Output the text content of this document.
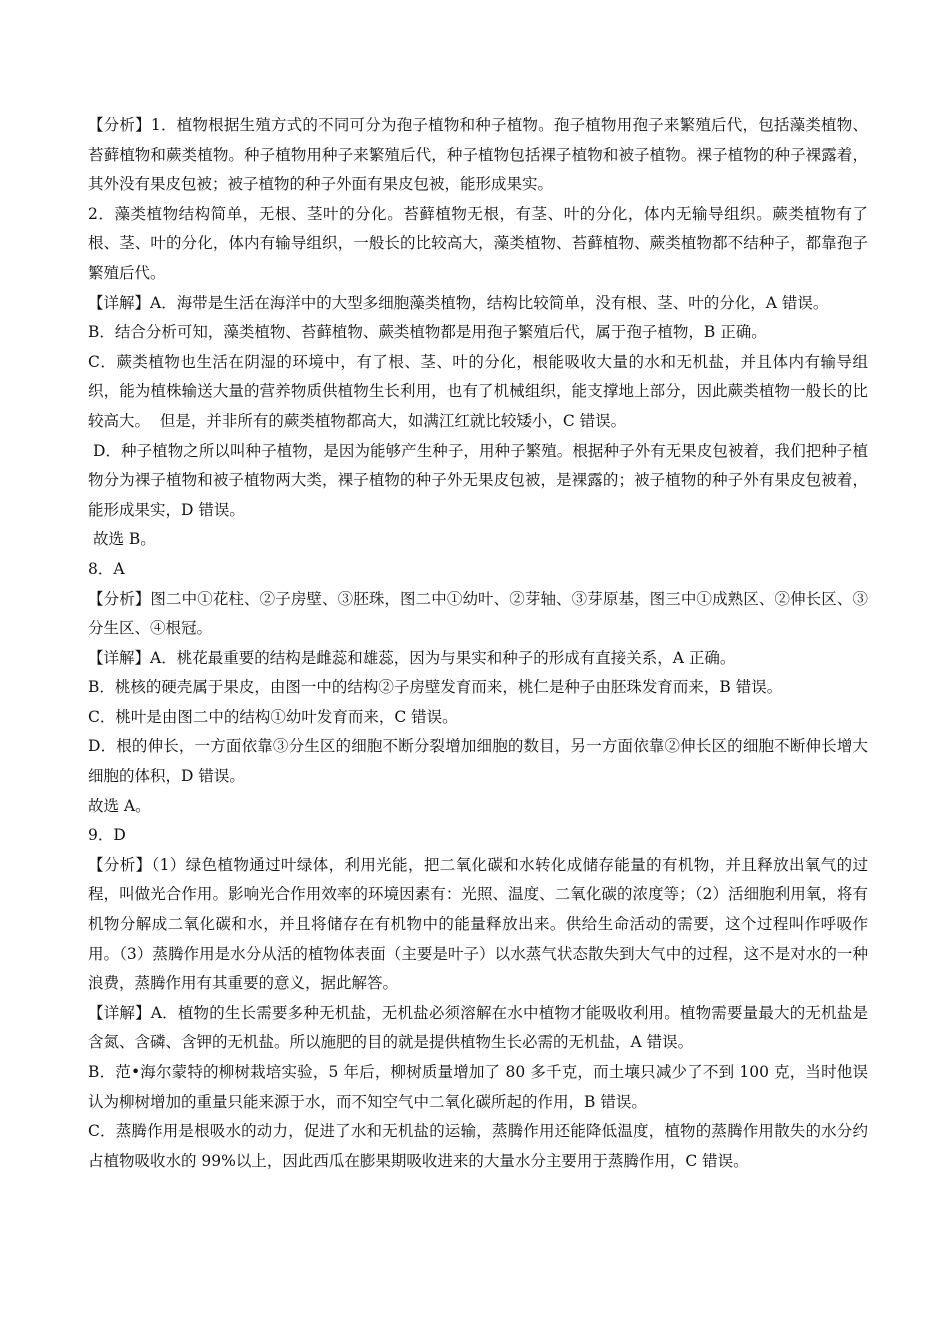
【分析】1．植物根据生殖方式的不同可分为孢子植物和种子植物。孢子植物用孢子来繁殖后代，包括藻类植物、苔藓植物和蕨类植物。种子植物用种子来繁殖后代，种子植物包括裸子植物和被子植物。裸子植物的种子裸露着，其外没有果皮包被；被子植物的种子外面有果皮包被，能形成果实。

2．藻类植物结构简单，无根、茎叶的分化。苔藓植物无根，有茎、叶的分化，体内无输导组织。蕨类植物有了根、茎、叶的分化，体内有输导组织，一般长的比较高大，藻类植物、苔藓植物、蕨类植物都不结种子，都靠孢子繁殖后代。

【详解】A．海带是生活在海洋中的大型多细胞藻类植物，结构比较简单，没有根、茎、叶的分化，A 错误。

B．结合分析可知，藻类植物、苔藓植物、蕨类植物都是用孢子繁殖后代，属于孢子植物，B 正确。

C．蕨类植物也生活在阴湿的环境中，有了根、茎、叶的分化，根能吸收大量的水和无机盐，并且体内有输导组织，能为植株输送大量的营养物质供植物生长利用，也有了机械组织，能支撑地上部分，因此蕨类植物一般长的比较高大。  但是，并非所有的蕨类植物都高大，如满江红就比较矮小，C 错误。

D．种子植物之所以叫种子植物，是因为能够产生种子，用种子繁殖。根据种子外有无果皮包被着，我们把种子植物分为裸子植物和被子植物两大类，裸子植物的种子外无果皮包被，是裸露的；被子植物的种子外有果皮包被着，能形成果实，D 错误。

故选 B。

8．A

【分析】图二中①花柱、②子房壁、③胚珠，图二中①幼叶、②芽轴、③芽原基，图三中①成熟区、②伸长区、③分生区、④根冠。

【详解】A．桃花最重要的结构是雌蕊和雄蕊，因为与果实和种子的形成有直接关系，A 正确。

B．桃核的硬壳属于果皮，由图一中的结构②子房壁发育而来，桃仁是种子由胚珠发育而来，B 错误。

C．桃叶是由图二中的结构①幼叶发育而来，C 错误。

D．根的伸长，一方面依靠③分生区的细胞不断分裂增加细胞的数目，另一方面依靠②伸长区的细胞不断伸长增大细胞的体积，D 错误。

故选 A。

9．D

【分析】（1）绿色植物通过叶绿体，利用光能，把二氧化碳和水转化成储存能量的有机物，并且释放出氧气的过程，叫做光合作用。影响光合作用效率的环境因素有：光照、温度、二氧化碳的浓度等；（2）活细胞利用氧，将有机物分解成二氧化碳和水，并且将储存在有机物中的能量释放出来。供给生命活动的需要，这个过程叫作呼吸作用。（3）蒸腾作用是水分从活的植物体表面（主要是叶子）以水蒸气状态散失到大气中的过程，这不是对水的一种浪费，蒸腾作用有其重要的意义，据此解答。

【详解】A．植物的生长需要多种无机盐，无机盐必须溶解在水中植物才能吸收利用。植物需要量最大的无机盐是含氮、含磷、含钾的无机盐。所以施肥的目的就是提供植物生长必需的无机盐，A 错误。

B．范•海尔蒙特的柳树栽培实验，5 年后，柳树质量增加了 80 多千克，而土壤只减少了不到 100 克，当时他误认为柳树增加的重量只能来源于水，而不知空气中二氧化碳所起的作用，B 错误。

C．蒸腾作用是根吸水的动力，促进了水和无机盐的运输，蒸腾作用还能降低温度，植物的蒸腾作用散失的水分约占植物吸收水的 99%以上，因此西瓜在膨果期吸收进来的大量水分主要用于蒸腾作用，C 错误。
